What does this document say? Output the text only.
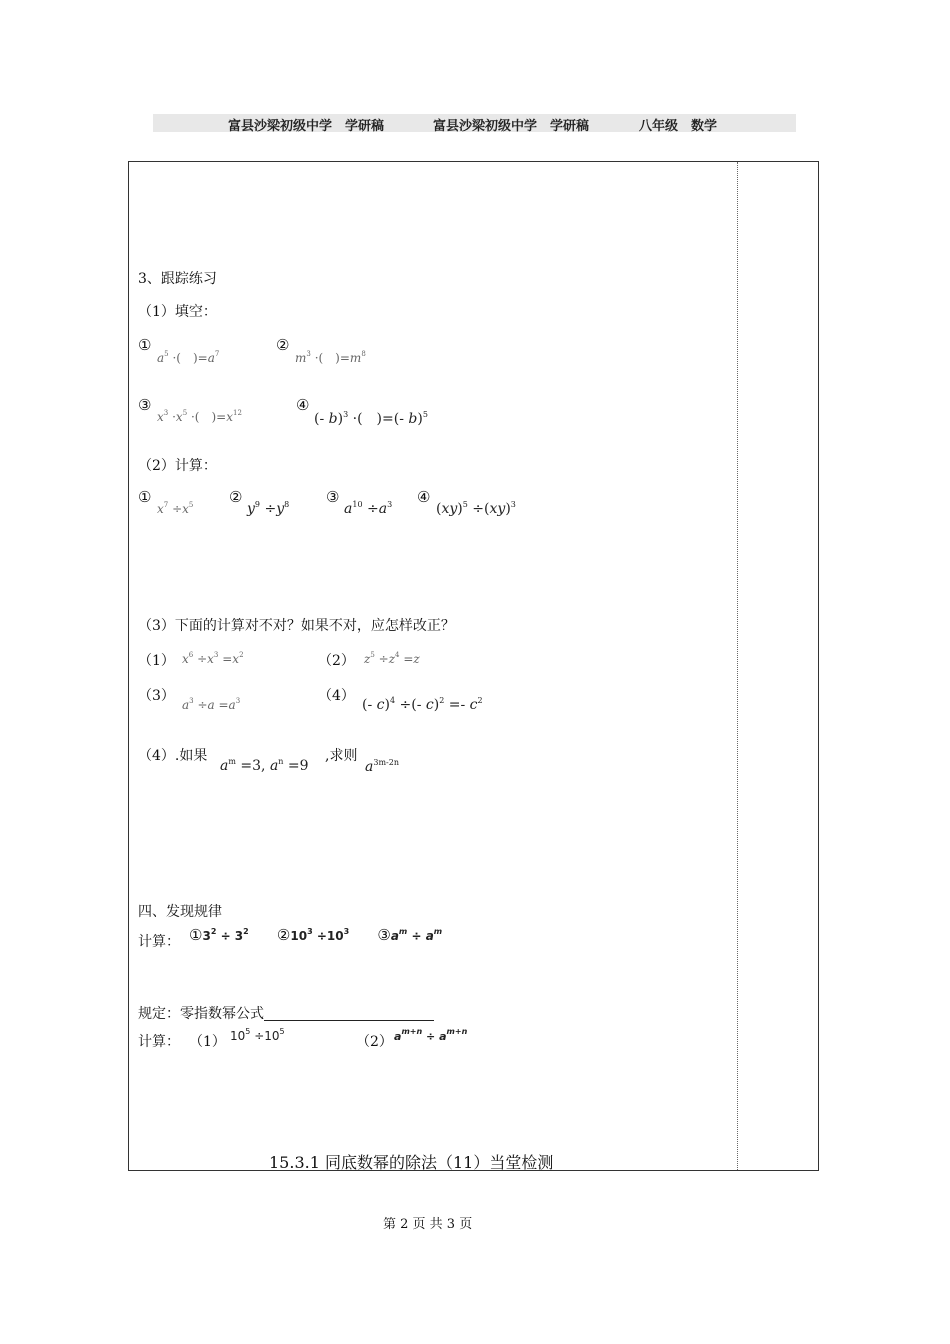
富县沙梁初级中学　学研稿	富县沙梁初级中学　学研稿	八年级　数学
3、跟踪练习
（1）填空：
①
$a^5$ ·(　)$=a^7$	②
$m^3$ ·(　)$=m^8$
③
$x^3 \cdot x^5$ ·(　)$=x^{12}$	④
(- b)$^3$ ·(　)=(- b)$^5$
（2）计算：
①
$x^7 \div x^5$ ②
$y^9 \div y^8$ ③
$a^{10} \div a^3$ ④
(xy)$^5$ ÷(xy)$^3$
（3）下面的计算对不对？如果不对，应怎样改正？
（1） $x^6 \div x^3 =x^2$	（2） $z^5 \div z^4 =z$
（3）
$a^3 \div a =a^3$	（4）
(- c)$^4$ ÷(- $c)^2 =- c^2$
（4）.如果
$a^m =3$, $a^n =9$
,求则
$a^{3m-2n}$
四、发现规律
计算： $①3^2 \div 3^2$ $②10^3 \div 10^3$ $③a^m \div a^m$
规定：零指数幂公式
计算： （1） $10^5 \div 10^5$
（2） $a^{m+n} \div a^{m+n}$
15.3.1 同底数幂的除法（11）当堂检测
第 2 页 共 3 页
